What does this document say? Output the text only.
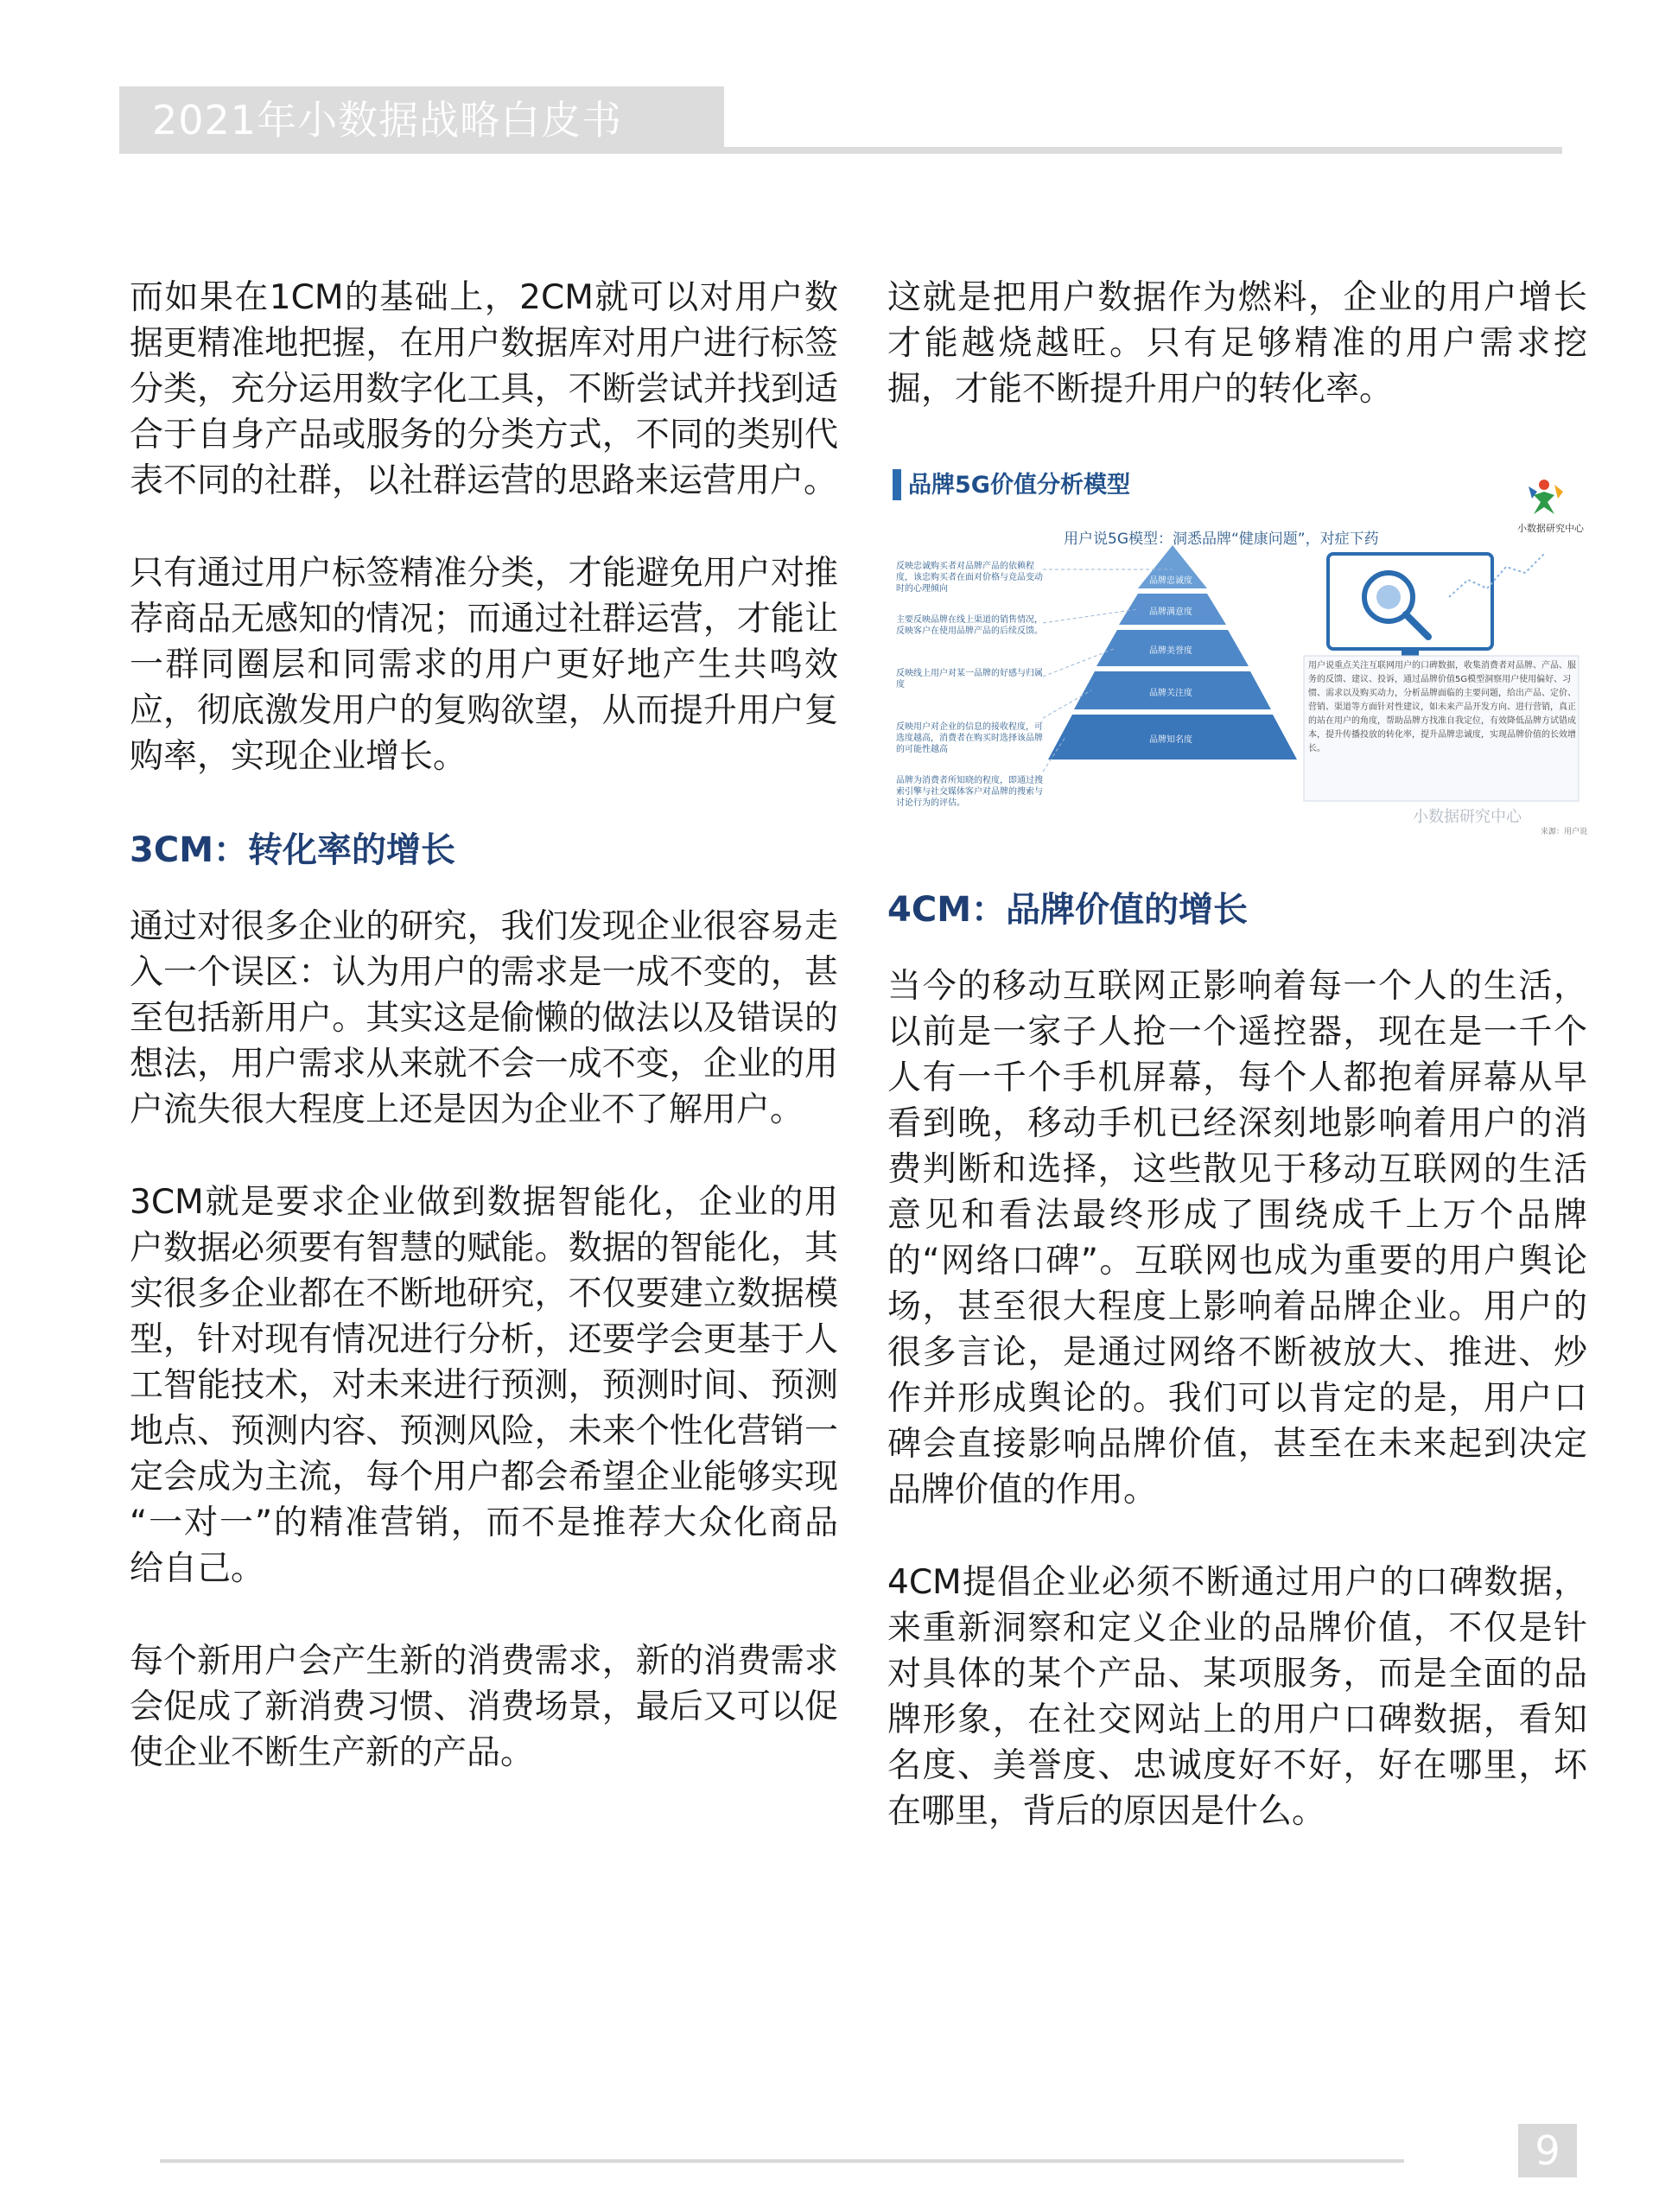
2021年小数据战略白皮书

而如果在1CM的基础上，2CM就可以对用户数据更精准地把握，在用户数据库对用户进行标签分类，充分运用数字化工具，不断尝试并找到适合于自身产品或服务的分类方式，不同的类别代表不同的社群，以社群运营的思路来运营用户。

只有通过用户标签精准分类，才能避免用户对推荐商品无感知的情况；而通过社群运营，才能让一群同圈层和同需求的用户更好地产生共鸣效应，彻底激发用户的复购欲望，从而提升用户复购率，实现企业增长。

3CM：转化率的增长

通过对很多企业的研究，我们发现企业很容易走入一个误区：认为用户的需求是一成不变的，甚至包括新用户。其实这是偷懒的做法以及错误的想法，用户需求从来就不会一成不变，企业的用户流失很大程度上还是因为企业不了解用户。

3CM就是要求企业做到数据智能化，企业的用户数据必须要有智慧的赋能。数据的智能化，其实很多企业都在不断地研究，不仅要建立数据模型，针对现有情况进行分析，还要学会更基于人工智能技术，对未来进行预测，预测时间、预测地点、预测内容、预测风险，未来个性化营销一定会成为主流，每个用户都会希望企业能够实现 “一对一”的精准营销，而不是推荐大众化商品给自己。

每个新用户会产生新的消费需求，新的消费需求会促成了新消费习惯、消费场景，最后又可以促使企业不断生产新的产品。

这就是把用户数据作为燃料，企业的用户增长才能越烧越旺。只有足够精准的用户需求挖掘，才能不断提升用户的转化率。

品牌5G价值分析模型
小数据研究中心
用户说5G模型：洞悉品牌“健康问题”，对症下药
反映忠诚购买者对品牌产品的依赖程度，该忠购买者在面对价格与竞品变动时的心理倾向
主要反映品牌在线上渠道的销售情况，反映客户在使用品牌产品的后续反馈。
反映线上用户对某一品牌的好感与归属度
反映用户对企业的信息的接收程度，可选度越高，消费者在购买时选择该品牌的可能性越高
品牌为消费者所知晓的程度，即通过搜索引擎与社交媒体客户对品牌的搜索与讨论行为的评估。
品牌忠诚度
品牌满意度
品牌美誉度
品牌关注度
品牌知名度
用户说重点关注互联网用户的口碑数据，收集消费者对品牌、产品、服务的反馈、建议、投诉，通过品牌价值5G模型洞察用户使用偏好、习惯、需求以及购买动力，分析品牌面临的主要问题，给出产品、定价、营销、渠道等方面针对性建议，如未来产品开发方向、进行营销，真正的站在用户的角度，帮助品牌方找准自我定位，有效降低品牌方试错成本，提升传播投放的转化率，提升品牌忠诚度，实现品牌价值的长效增长。
小数据研究中心
来源：用户说
4CM：品牌价值的增长

当今的移动互联网正影响着每一个人的生活，以前是一家子人抢一个遥控器，现在是一千个人有一千个手机屏幕，每个人都抱着屏幕从早看到晚，移动手机已经深刻地影响着用户的消费判断和选择，这些散见于移动互联网的生活意见和看法最终形成了围绕成千上万个品牌的“网络口碑”。互联网也成为重要的用户舆论场，甚至很大程度上影响着品牌企业。用户的很多言论，是通过网络不断被放大、推进、炒作并形成舆论的。我们可以肯定的是，用户口碑会直接影响品牌价值，甚至在未来起到决定品牌价值的作用。

4CM提倡企业必须不断通过用户的口碑数据，来重新洞察和定义企业的品牌价值，不仅是针对具体的某个产品、某项服务，而是全面的品牌形象，在社交网站上的用户口碑数据，看知名度、美誉度、忠诚度好不好，好在哪里，坏在哪里，背后的原因是什么。

9
